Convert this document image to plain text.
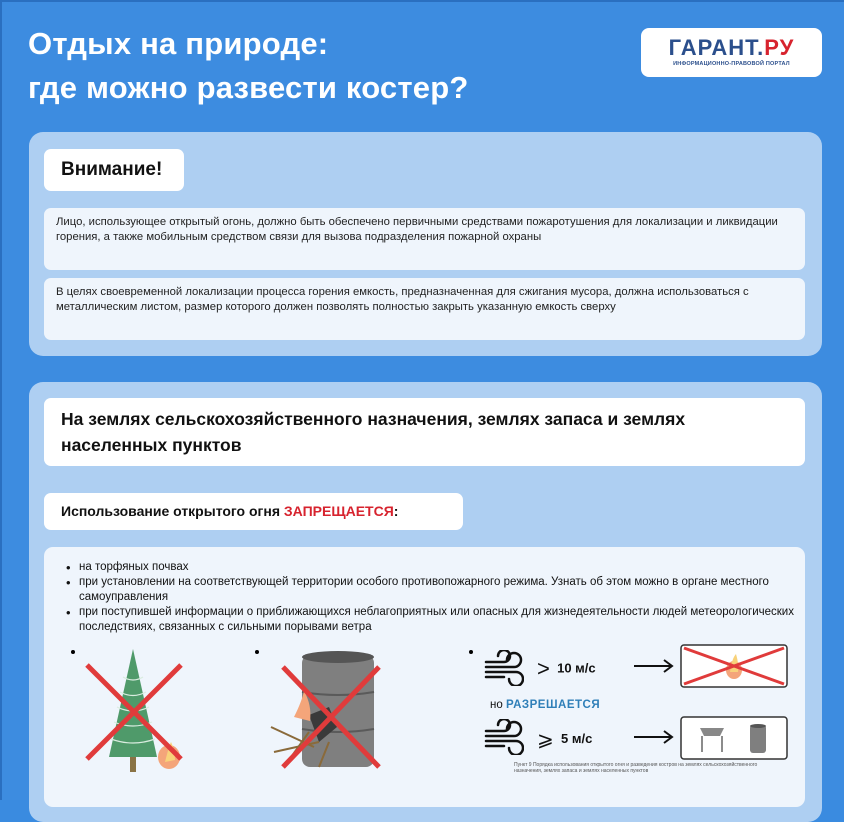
Отдых на природе:
где можно развести костер?
ГАРАНТ.РУ
ИНФОРМАЦИОННО-ПРАВОВОЙ ПОРТАЛ
Внимание!
Лицо, использующее открытый огонь, должно быть обеспечено первичными средствами пожаротушения для локализации и ликвидации горения, а также мобильным средством связи для вызова подразделения пожарной охраны
В целях своевременной локализации процесса горения емкость, предназначенная для сжигания мусора, должна использоваться с металлическим листом, размер которого должен позволять полностью закрыть указанную емкость сверху
На землях сельскохозяйственного назначения, землях запаса и землях населенных пунктов
Использование открытого огня ЗАПРЕЩАЕТСЯ:
• на торфяных почвах
• при установлении на соответствующей территории особого противопожарного режима. Узнать об этом можно в органе местного самоуправления
• при поступившей информации о приближающихся неблагоприятных или опасных для жизнедеятельности людей метеорологических последствиях, связанных с сильными порывами ветра
> 10 м/с
но РАЗРЕШАЕТСЯ
⩾ 5 м/с
Пункт 9 Порядка использования открытого огня и разведения костров на землях сельскохозяйственного назначения, землях запаса и землях населенных пунктов
